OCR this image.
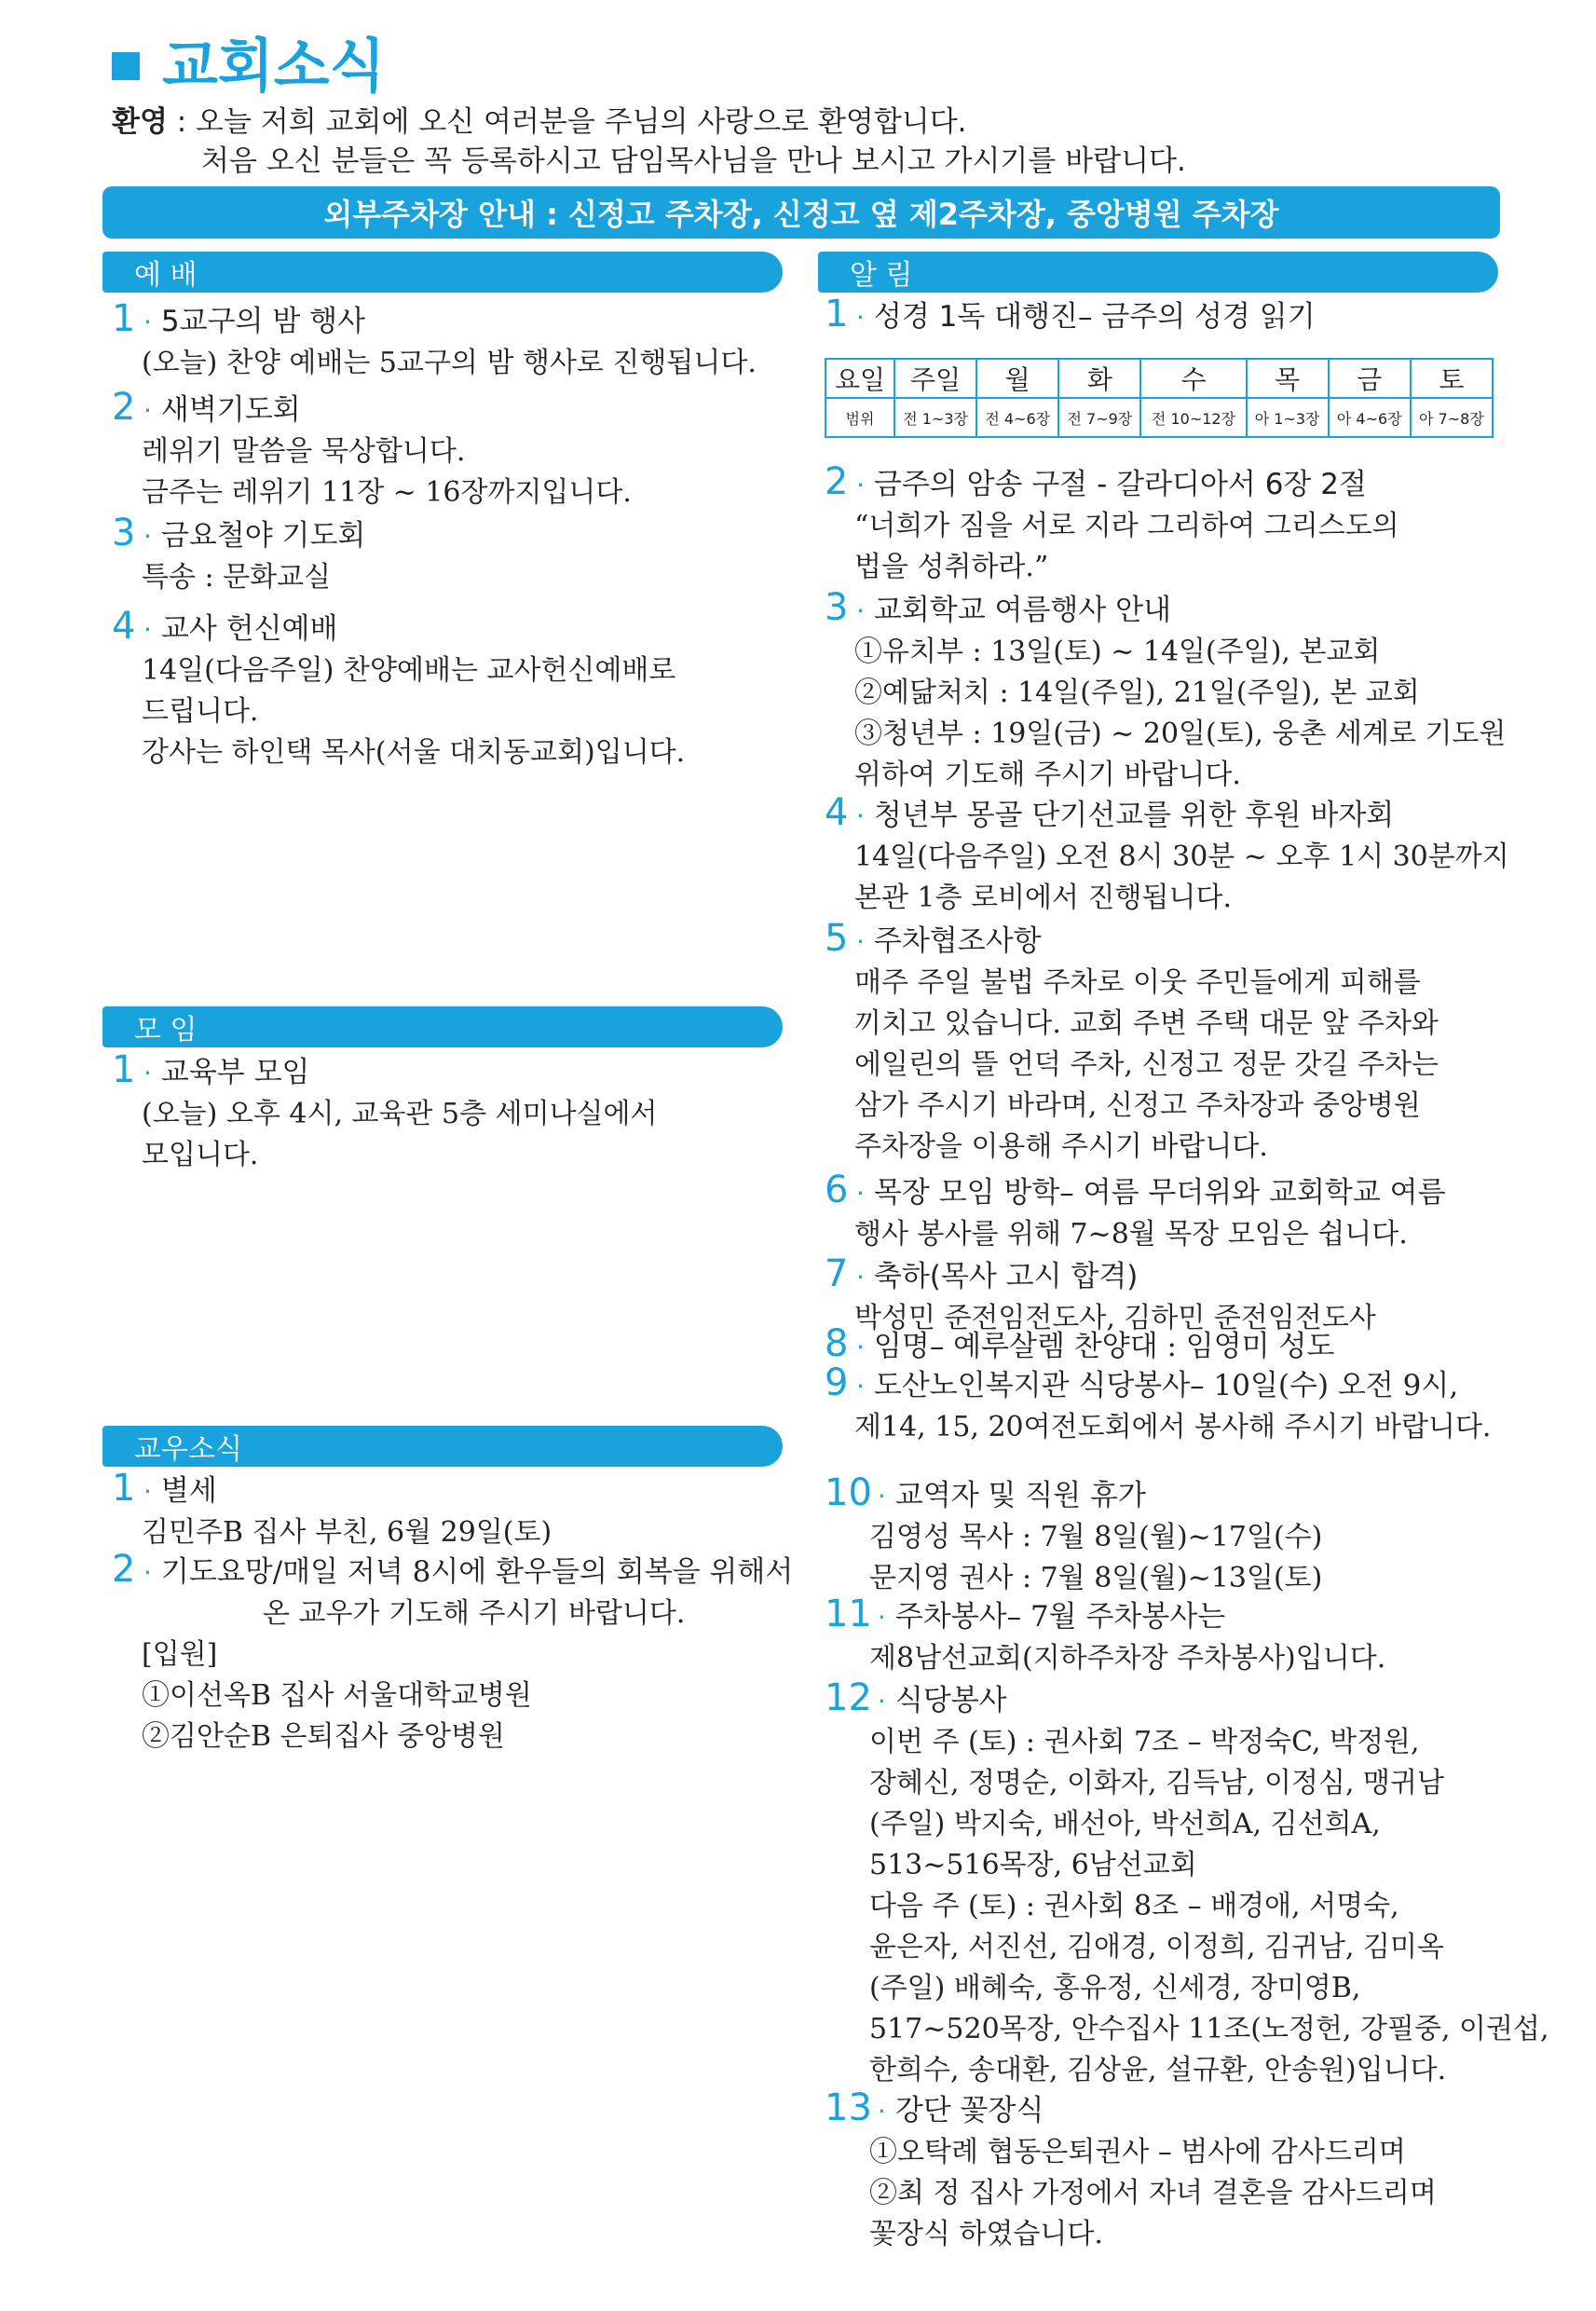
교회소식
환영 : 오늘 저희 교회에 오신 여러분을 주님의 사랑으로 환영합니다.
처음 오신 분들은 꼭 등록하시고 담임목사님을 만나 보시고 가시기를 바랍니다.
외부주차장 안내 : 신정고 주차장, 신정고 옆 제2주차장, 중앙병원 주차장
예 배
1 · 5교구의 밤 행사
(오늘) 찬양 예배는 5교구의 밤 행사로 진행됩니다.
2 · 새벽기도회
레위기 말씀을 묵상합니다.
금주는 레위기 11장 ~ 16장까지입니다.
3 · 금요철야 기도회
특송 : 문화교실
4 · 교사 헌신예배
14일(다음주일) 찬양예배는 교사헌신예배로
드립니다.
강사는 하인택 목사(서울 대치동교회)입니다.
모 임
1 · 교육부 모임
(오늘) 오후 4시, 교육관 5층 세미나실에서
모입니다.
교우소식
1 · 별세
김민주B 집사 부친, 6월 29일(토)
2 · 기도요망 /매일 저녁 8시에 환우들의 회복을 위해서
온 교우가 기도해 주시기 바랍니다.
[입원]
①이선옥B 집사 서울대학교병원
②김안순B 은퇴집사 중앙병원
알 림
요일	주일	월	화	수	목	금	토
범위	전 1~3장	전 4~6장	전 7~9장	전 10~12장	아 1~3장	아 4~6장	아 7~8장
1 · 성경 1독 대행진 – 금주의 성경 읽기
2 · 금주의 암송 구절 - 갈라디아서 6장 2절
“너희가 짐을 서로 지라 그리하여 그리스도의
법을 성취하라.”
3 · 교회학교 여름행사 안내
①유치부 : 13일(토) ~ 14일(주일), 본교회
②예닮처치 : 14일(주일), 21일(주일), 본 교회
③청년부 : 19일(금) ~ 20일(토), 웅촌 세계로 기도원
위하여 기도해 주시기 바랍니다.
4 · 청년부 몽골 단기선교를 위한 후원 바자회
14일(다음주일) 오전 8시 30분 ~ 오후 1시 30분까지
본관 1층 로비에서 진행됩니다.
5 · 주차협조사항
매주 주일 불법 주차로 이웃 주민들에게 피해를
끼치고 있습니다. 교회 주변 주택 대문 앞 주차와
에일린의 뜰 언덕 주차, 신정고 정문 갓길 주차는
삼가 주시기 바라며, 신정고 주차장과 중앙병원
주차장을 이용해 주시기 바랍니다.
6 · 목장 모임 방학 – 여름 무더위와 교회학교 여름
행사 봉사를 위해 7~8월 목장 모임은 쉽니다.
7 · 축하(목사 고시 합격)
박성민 준전임전도사, 김하민 준전임전도사
8 · 임명 – 예루살렘 찬양대 : 임영미 성도
9 · 도산노인복지관 식당봉사 – 10일(수) 오전 9시,
제14, 15, 20여전도회에서 봉사해 주시기 바랍니다.
10 · 교역자 및 직원 휴가
김영성 목사 : 7월 8일(월)~17일(수)
문지영 권사 : 7월 8일(월)~13일(토)
11 · 주차봉사 – 7월 주차봉사는
제8남선교회(지하주차장 주차봉사)입니다.
12 · 식당봉사
이번 주 (토) : 권사회 7조 – 박정숙C, 박정원,
장혜신, 정명순, 이화자, 김득남, 이정심, 맹귀남
(주일) 박지숙, 배선아, 박선희A, 김선희A,
513~516목장, 6남선교회
다음 주 (토) : 권사회 8조 – 배경애, 서명숙,
윤은자, 서진선, 김애경, 이정희, 김귀남, 김미옥
(주일) 배혜숙, 홍유정, 신세경, 장미영B,
517~520목장, 안수집사 11조(노정헌, 강필중, 이권섭,
한희수, 송대환, 김상윤, 설규환, 안송원)입니다.
13 · 강단 꽃장식
①오탁례 협동은퇴권사 – 범사에 감사드리며
②최 정 집사 가정에서 자녀 결혼을 감사드리며
꽃장식 하였습니다.
